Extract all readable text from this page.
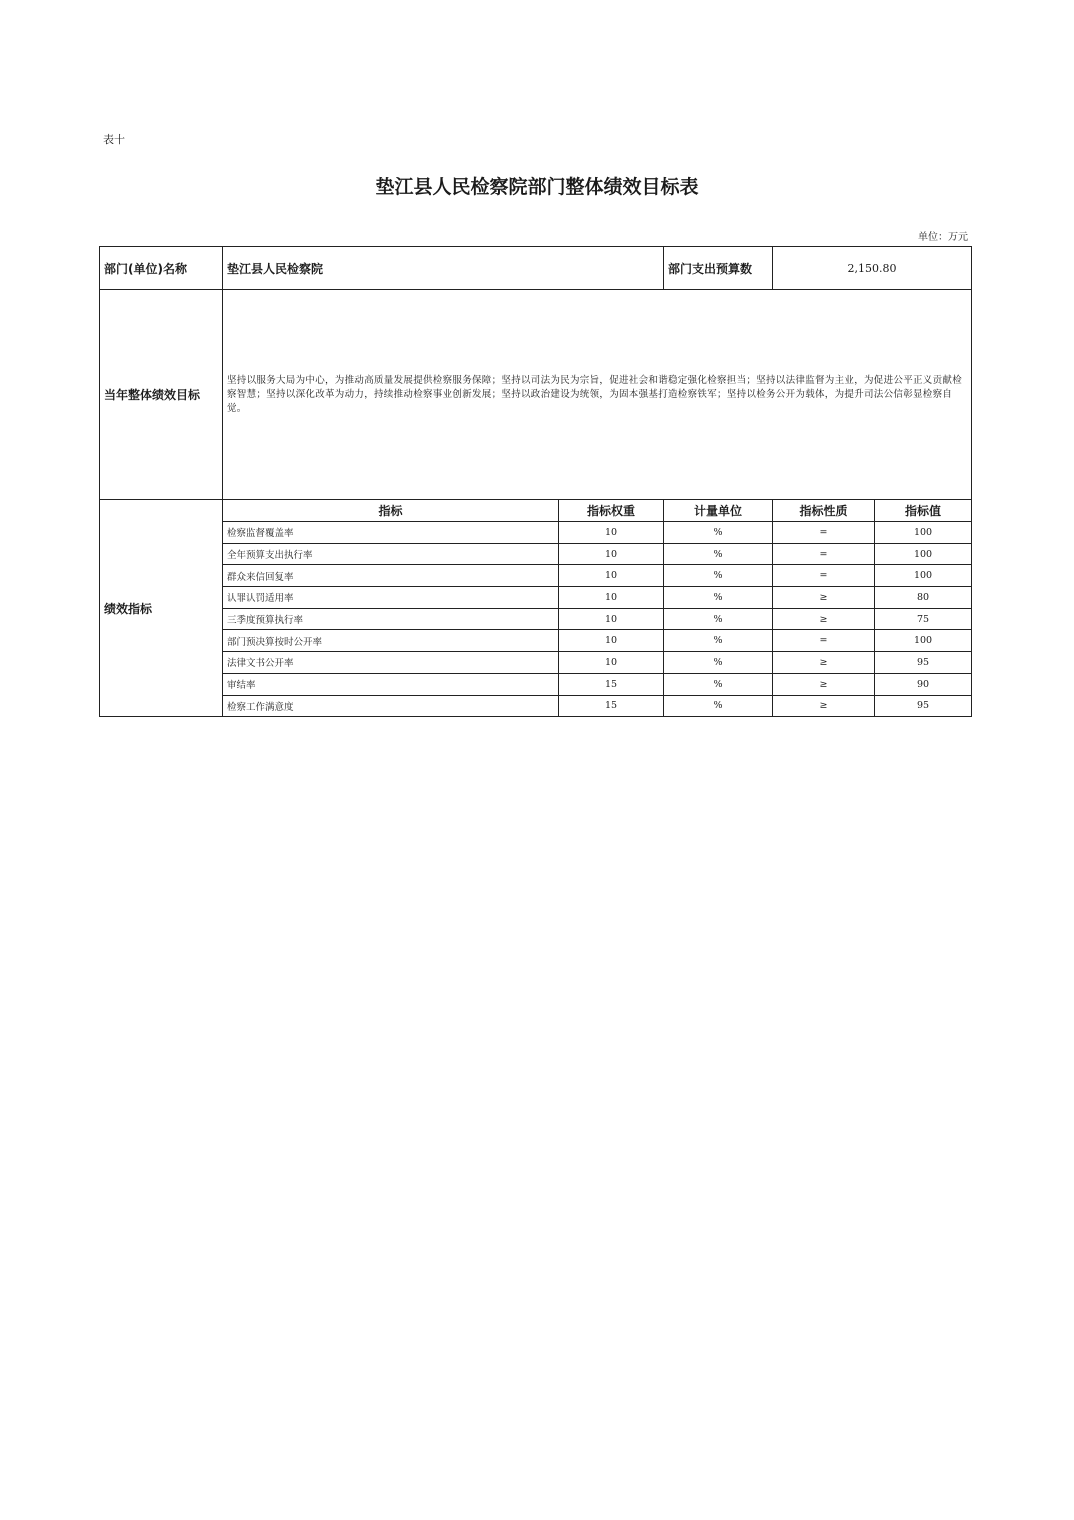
表十
垫江县人民检察院部门整体绩效目标表
单位：万元
部门(单位)名称	垫江县人民检察院		部门支出预算数	2,150.80	
当年整体绩效目标	坚持以服务大局为中心，为推动高质量发展提供检察服务保障；坚持以司法为民为宗旨，促进社会和谐稳定强化检察担当；坚持以法律监督为主业，为促进公平正义贡献检察智慧；坚持以深化改革为动力，持续推动检察事业创新发展；坚持以政治建设为统领，为固本强基打造检察铁军；坚持以检务公开为载体，为提升司法公信彰显检察自觉。				
绩效指标	指标	指标权重	计量单位	指标性质	指标值
	检察监督覆盖率	10	%	=	100
	全年预算支出执行率	10	%	=	100
	群众来信回复率	10	%	=	100
	认罪认罚适用率	10	%	≥	80
	三季度预算执行率	10	%	≥	75
	部门预决算按时公开率	10	%	=	100
	法律文书公开率	10	%	≥	95
	审结率	15	%	≥	90
	检察工作满意度	15	%	≥	95
